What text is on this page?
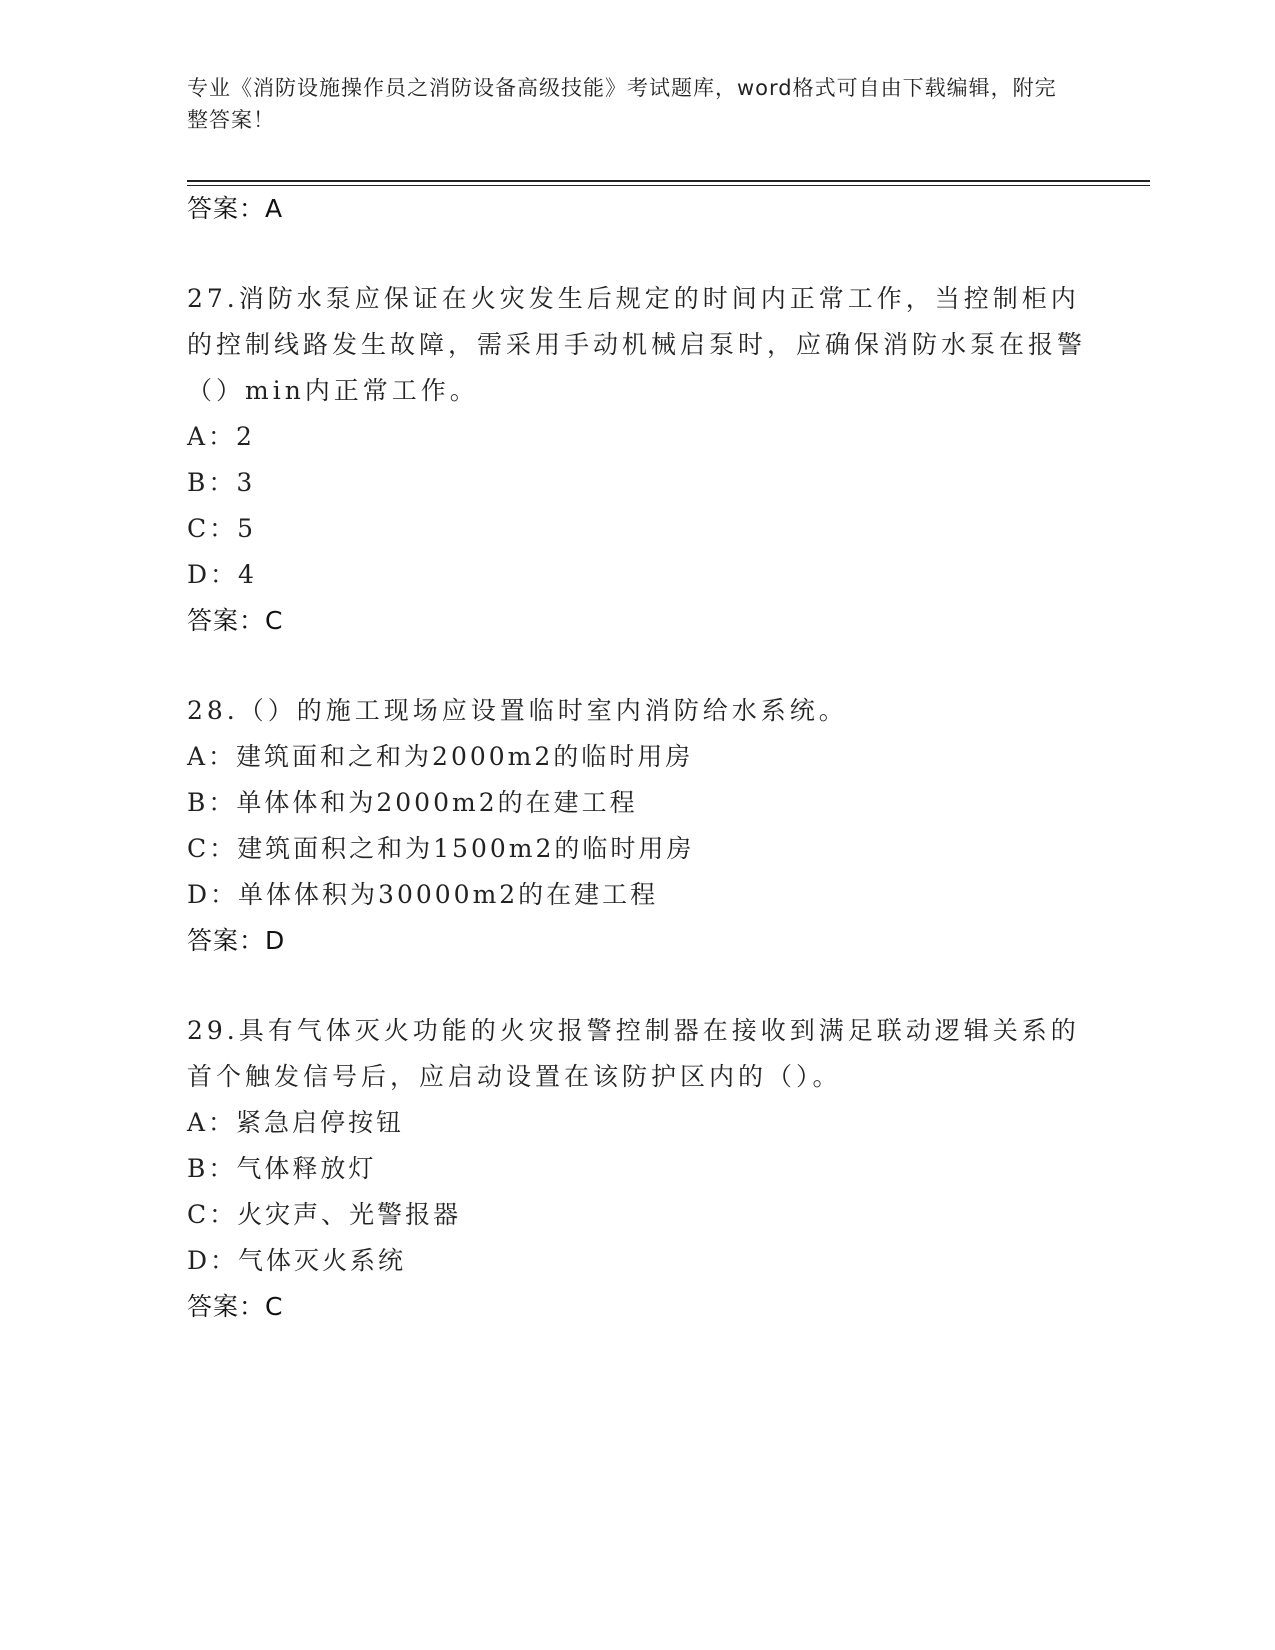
专业《消防设施操作员之消防设备高级技能》考试题库，word格式可自由下载编辑，附完整答案！
答案：A
27.消防水泵应保证在火灾发生后规定的时间内正常工作，当控制柜内的控制线路发生故障，需采用手动机械启泵时，应确保消防水泵在报警（）min内正常工作。
A：2
B：3
C：5
D：4
答案：C
28.（）的施工现场应设置临时室内消防给水系统。
A：建筑面和之和为2000m2的临时用房
B：单体体和为2000m2的在建工程
C：建筑面积之和为1500m2的临时用房
D：单体体积为30000m2的在建工程
答案：D
29.具有气体灭火功能的火灾报警控制器在接收到满足联动逻辑关系的首个触发信号后，应启动设置在该防护区内的（）。
A：紧急启停按钮
B：气体释放灯
C：火灾声、光警报器
D：气体灭火系统
答案：C
